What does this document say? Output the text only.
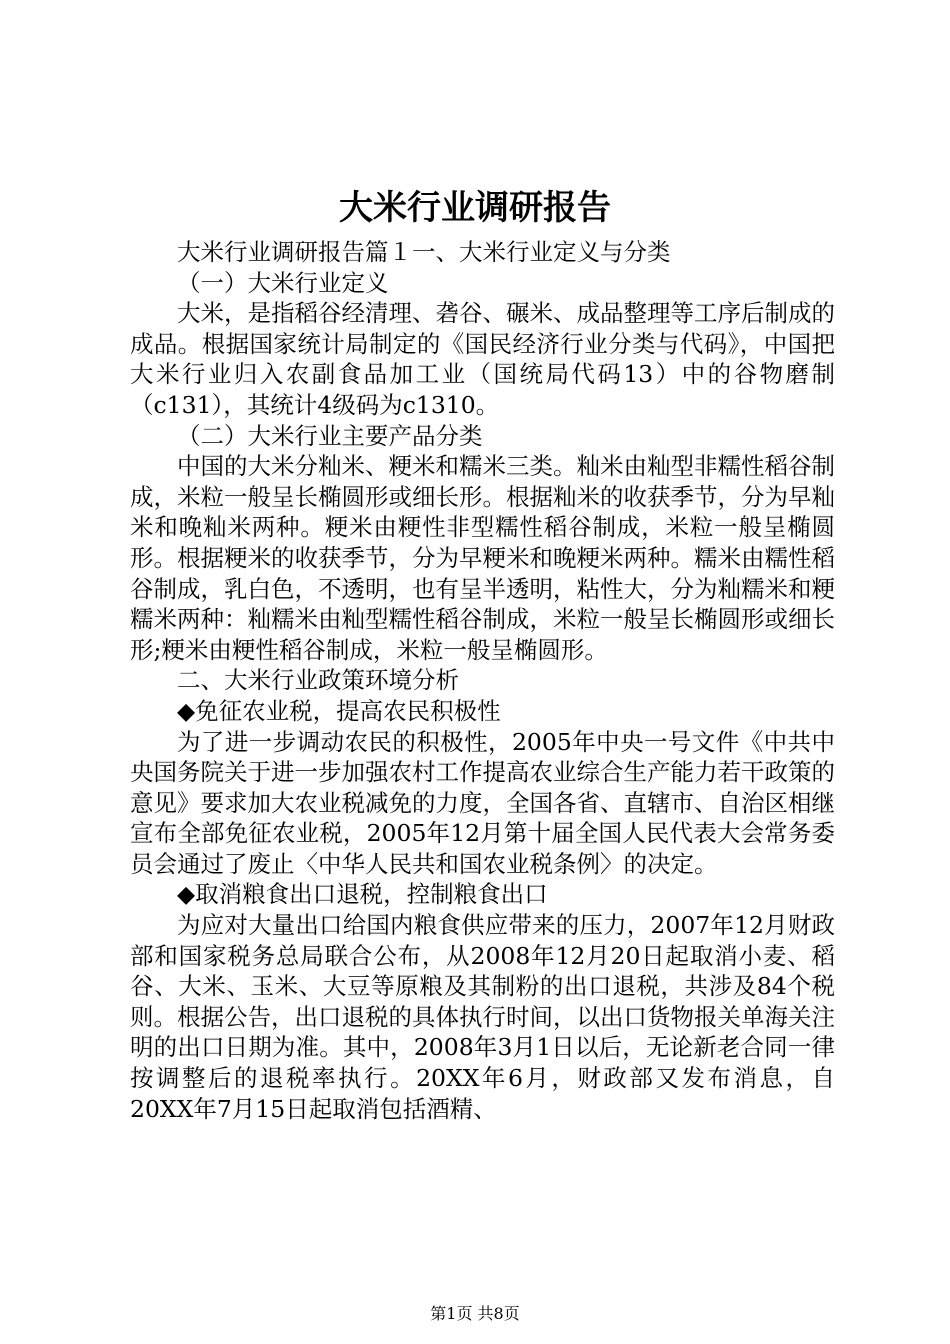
大米行业调研报告

大米行业调研报告篇１一、大米行业定义与分类

（一）大米行业定义

大米，是指稻谷经清理、砻谷、碾米、成品整理等工序后制成的成品。根据国家统计局制定的《国民经济行业分类与代码》，中国把大米行业归入农副食品加工业（国统局代码13）中的谷物磨制（c131），其统计4级码为c1310。

（二）大米行业主要产品分类

中国的大米分籼米、粳米和糯米三类。籼米由籼型非糯性稻谷制成，米粒一般呈长椭圆形或细长形。根据籼米的收获季节，分为早籼米和晚籼米两种。粳米由粳性非型糯性稻谷制成，米粒一般呈椭圆形。根据粳米的收获季节，分为早粳米和晚粳米两种。糯米由糯性稻谷制成，乳白色，不透明，也有呈半透明，粘性大，分为籼糯米和粳糯米两种：籼糯米由籼型糯性稻谷制成，米粒一般呈长椭圆形或细长形;粳米由粳性稻谷制成，米粒一般呈椭圆形。

二、大米行业政策环境分析

◆免征农业税，提高农民积极性

为了进一步调动农民的积极性，2005年中央一号文件《中共中央国务院关于进一步加强农村工作提高农业综合生产能力若干政策的意见》要求加大农业税减免的力度，全国各省、直辖市、自治区相继宣布全部免征农业税，2005年12月第十届全国人民代表大会常务委员会通过了废止〈中华人民共和国农业税条例〉的决定。

◆取消粮食出口退税，控制粮食出口

为应对大量出口给国内粮食供应带来的压力，2007年12月财政部和国家税务总局联合公布，从2008年12月20日起取消小麦、稻谷、大米、玉米、大豆等原粮及其制粉的出口退税，共涉及84个税则。根据公告，出口退税的具体执行时间，以出口货物报关单海关注明的出口日期为准。其中，2008年3月1日以后，无论新老合同一律按调整后的退税率执行。20XX年6月，财政部又发布消息，自20XX年7月15日起取消包括酒精、

第1页 共8页
